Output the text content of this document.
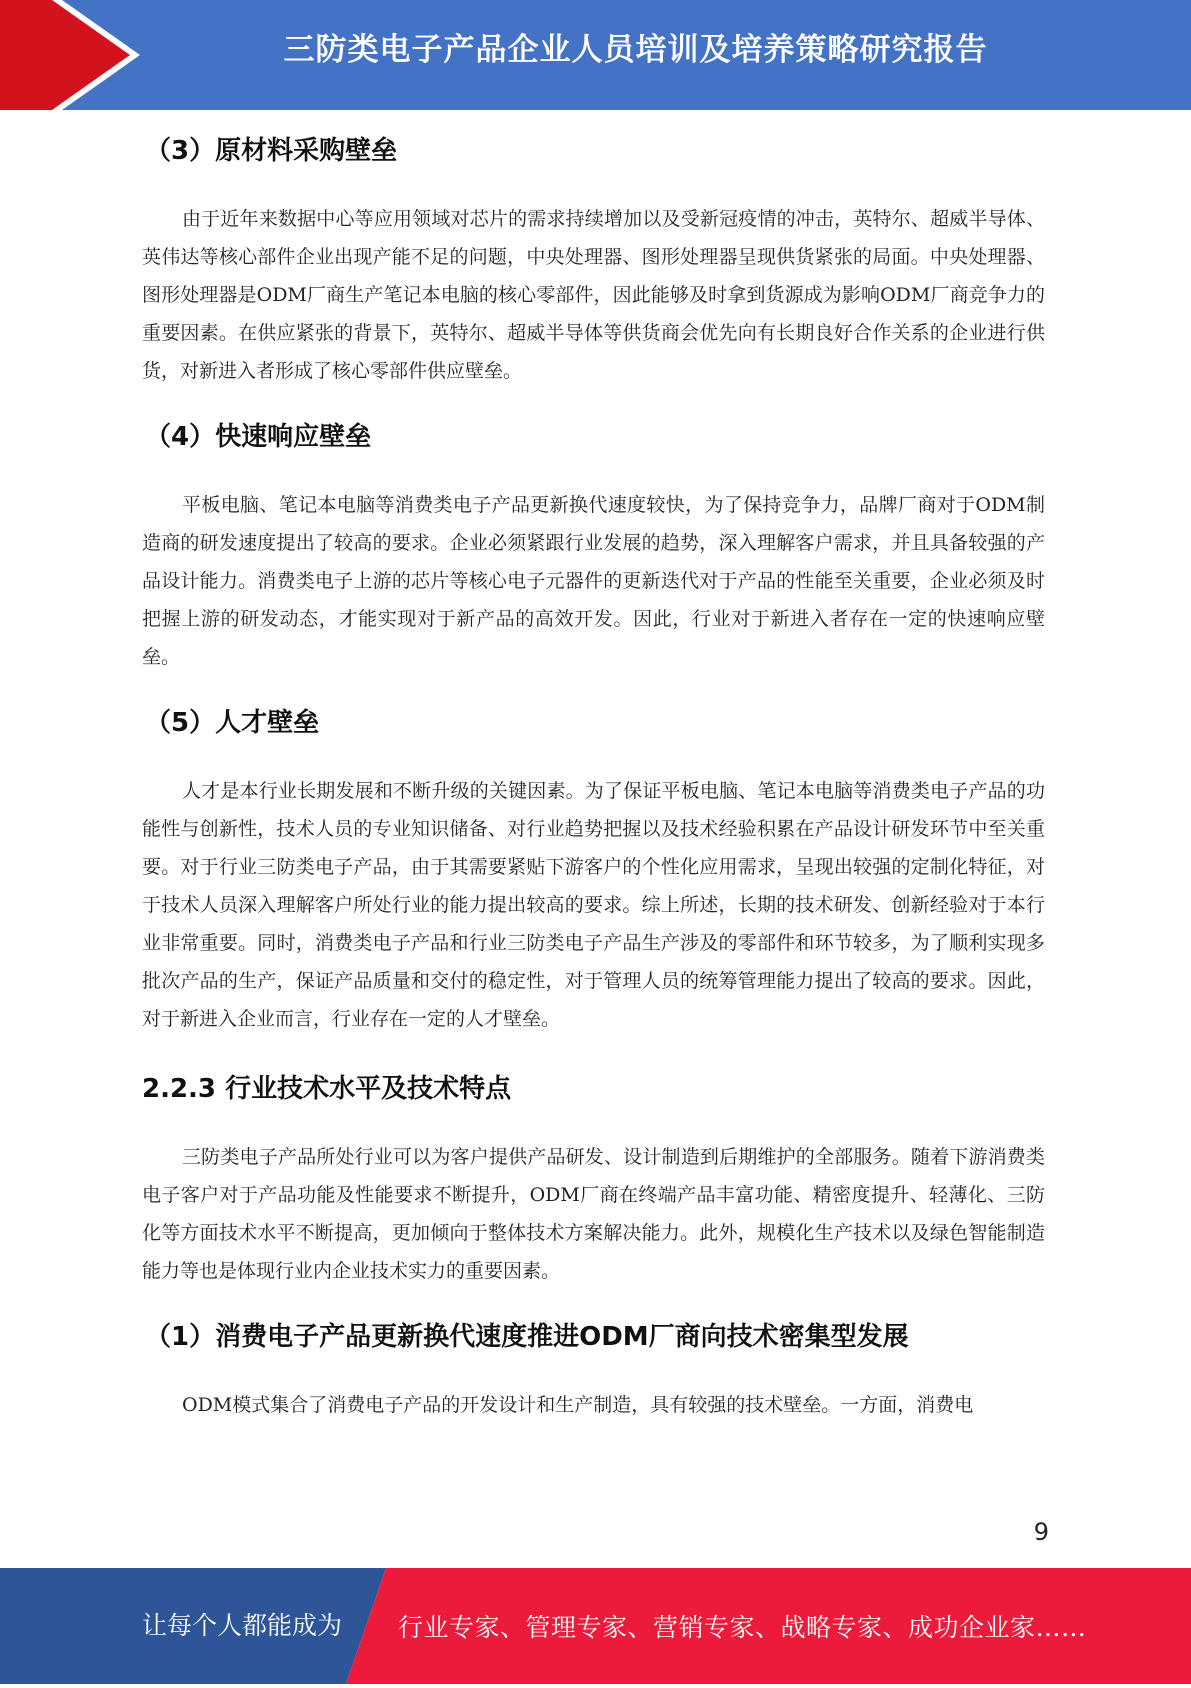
三防类电子产品企业人员培训及培养策略研究报告
（3）原材料采购壁垒

由于近年来数据中心等应用领域对芯片的需求持续增加以及受新冠疫情的冲击，英特尔、超威半导体、英伟达等核心部件企业出现产能不足的问题，中央处理器、图形处理器呈现供货紧张的局面。中央处理器、图形处理器是ODM厂商生产笔记本电脑的核心零部件，因此能够及时拿到货源成为影响ODM厂商竞争力的重要因素。在供应紧张的背景下，英特尔、超威半导体等供货商会优先向有长期良好合作关系的企业进行供货，对新进入者形成了核心零部件供应壁垒。

（4）快速响应壁垒

平板电脑、笔记本电脑等消费类电子产品更新换代速度较快，为了保持竞争力，品牌厂商对于ODM制造商的研发速度提出了较高的要求。企业必须紧跟行业发展的趋势，深入理解客户需求，并且具备较强的产品设计能力。消费类电子上游的芯片等核心电子元器件的更新迭代对于产品的性能至关重要，企业必须及时把握上游的研发动态，才能实现对于新产品的高效开发。因此，行业对于新进入者存在一定的快速响应壁垒。

（5）人才壁垒

人才是本行业长期发展和不断升级的关键因素。为了保证平板电脑、笔记本电脑等消费类电子产品的功能性与创新性，技术人员的专业知识储备、对行业趋势把握以及技术经验积累在产品设计研发环节中至关重要。对于行业三防类电子产品，由于其需要紧贴下游客户的个性化应用需求，呈现出较强的定制化特征，对于技术人员深入理解客户所处行业的能力提出较高的要求。综上所述，长期的技术研发、创新经验对于本行业非常重要。同时，消费类电子产品和行业三防类电子产品生产涉及的零部件和环节较多，为了顺利实现多批次产品的生产，保证产品质量和交付的稳定性，对于管理人员的统筹管理能力提出了较高的要求。因此，对于新进入企业而言，行业存在一定的人才壁垒。

2.2.3 行业技术水平及技术特点

三防类电子产品所处行业可以为客户提供产品研发、设计制造到后期维护的全部服务。随着下游消费类电子客户对于产品功能及性能要求不断提升，ODM厂商在终端产品丰富功能、精密度提升、轻薄化、三防化等方面技术水平不断提高，更加倾向于整体技术方案解决能力。此外，规模化生产技术以及绿色智能制造能力等也是体现行业内企业技术实力的重要因素。

（1）消费电子产品更新换代速度推进ODM厂商向技术密集型发展

ODM模式集合了消费电子产品的开发设计和生产制造，具有较强的技术壁垒。一方面，消费电

9
让每个人都能成为 行业专家、管理专家、营销专家、战略专家、成功企业家……
